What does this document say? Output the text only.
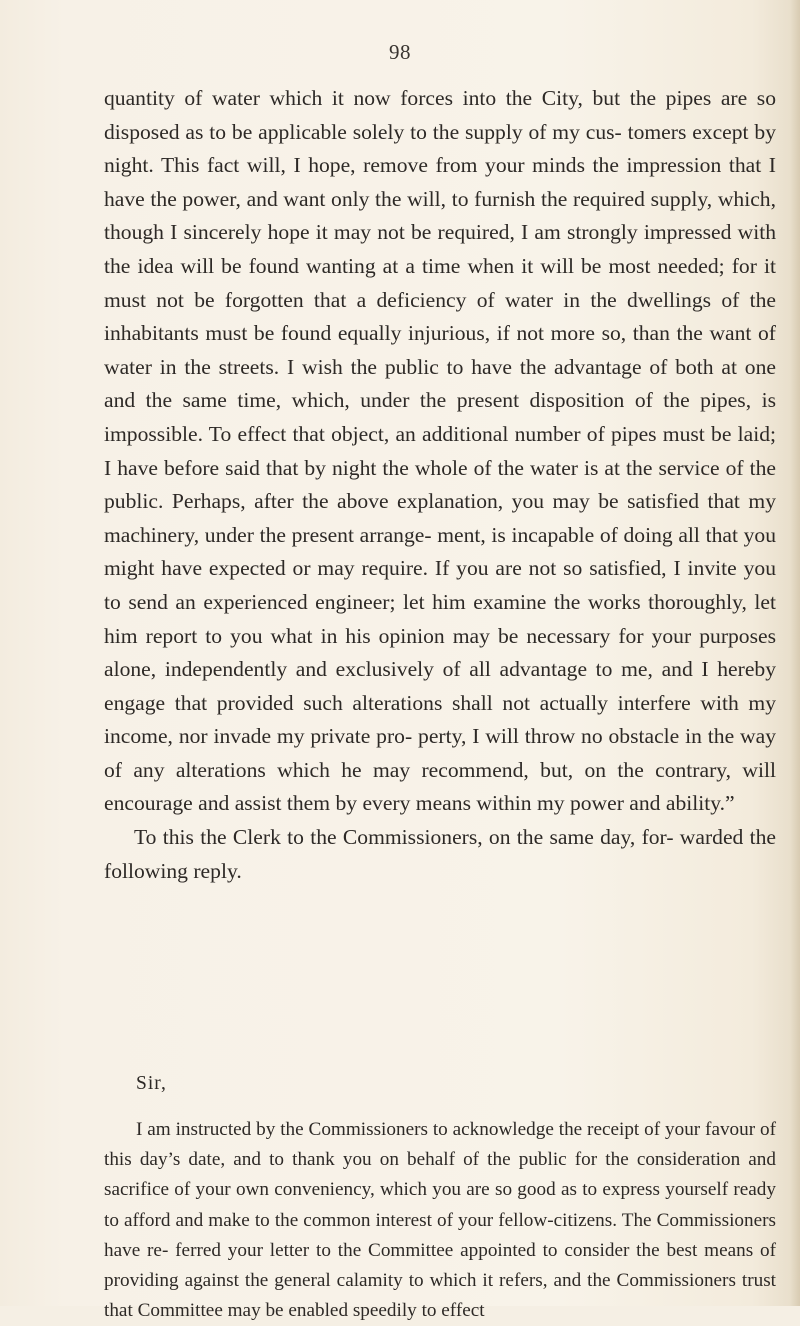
98

quantity of water which it now forces into the City, but the pipes are so disposed as to be applicable solely to the supply of my cus- tomers except by night. This fact will, I hope, remove from your minds the impression that I have the power, and want only the will, to furnish the required supply, which, though I sincerely hope it may not be required, I am strongly impressed with the idea will be found wanting at a time when it will be most needed; for it must not be forgotten that a deficiency of water in the dwellings of the inhabitants must be found equally injurious, if not more so, than the want of water in the streets. I wish the public to have the advantage of both at one and the same time, which, under the present disposition of the pipes, is impossible. To effect that object, an additional number of pipes must be laid; I have before said that by night the whole of the water is at the service of the public. Perhaps, after the above explanation, you may be satisfied that my machinery, under the present arrange- ment, is incapable of doing all that you might have expected or may require. If you are not so satisfied, I invite you to send an experienced engineer; let him examine the works thoroughly, let him report to you what in his opinion may be necessary for your purposes alone, independently and exclusively of all advantage to me, and I hereby engage that provided such alterations shall not actually interfere with my income, nor invade my private pro- perty, I will throw no obstacle in the way of any alterations which he may recommend, but, on the contrary, will encourage and assist them by every means within my power and ability.”

To this the Clerk to the Commissioners, on the same day, for- warded the following reply.

Sir,

I am instructed by the Commissioners to acknowledge the receipt of your favour of this day’s date, and to thank you on behalf of the public for the consideration and sacrifice of your own conveniency, which you are so good as to express yourself ready to afford and make to the common interest of your fellow-citizens. The Commissioners have re- ferred your letter to the Committee appointed to consider the best means of providing against the general calamity to which it refers, and the Commissioners trust that Committee may be enabled speedily to effect
